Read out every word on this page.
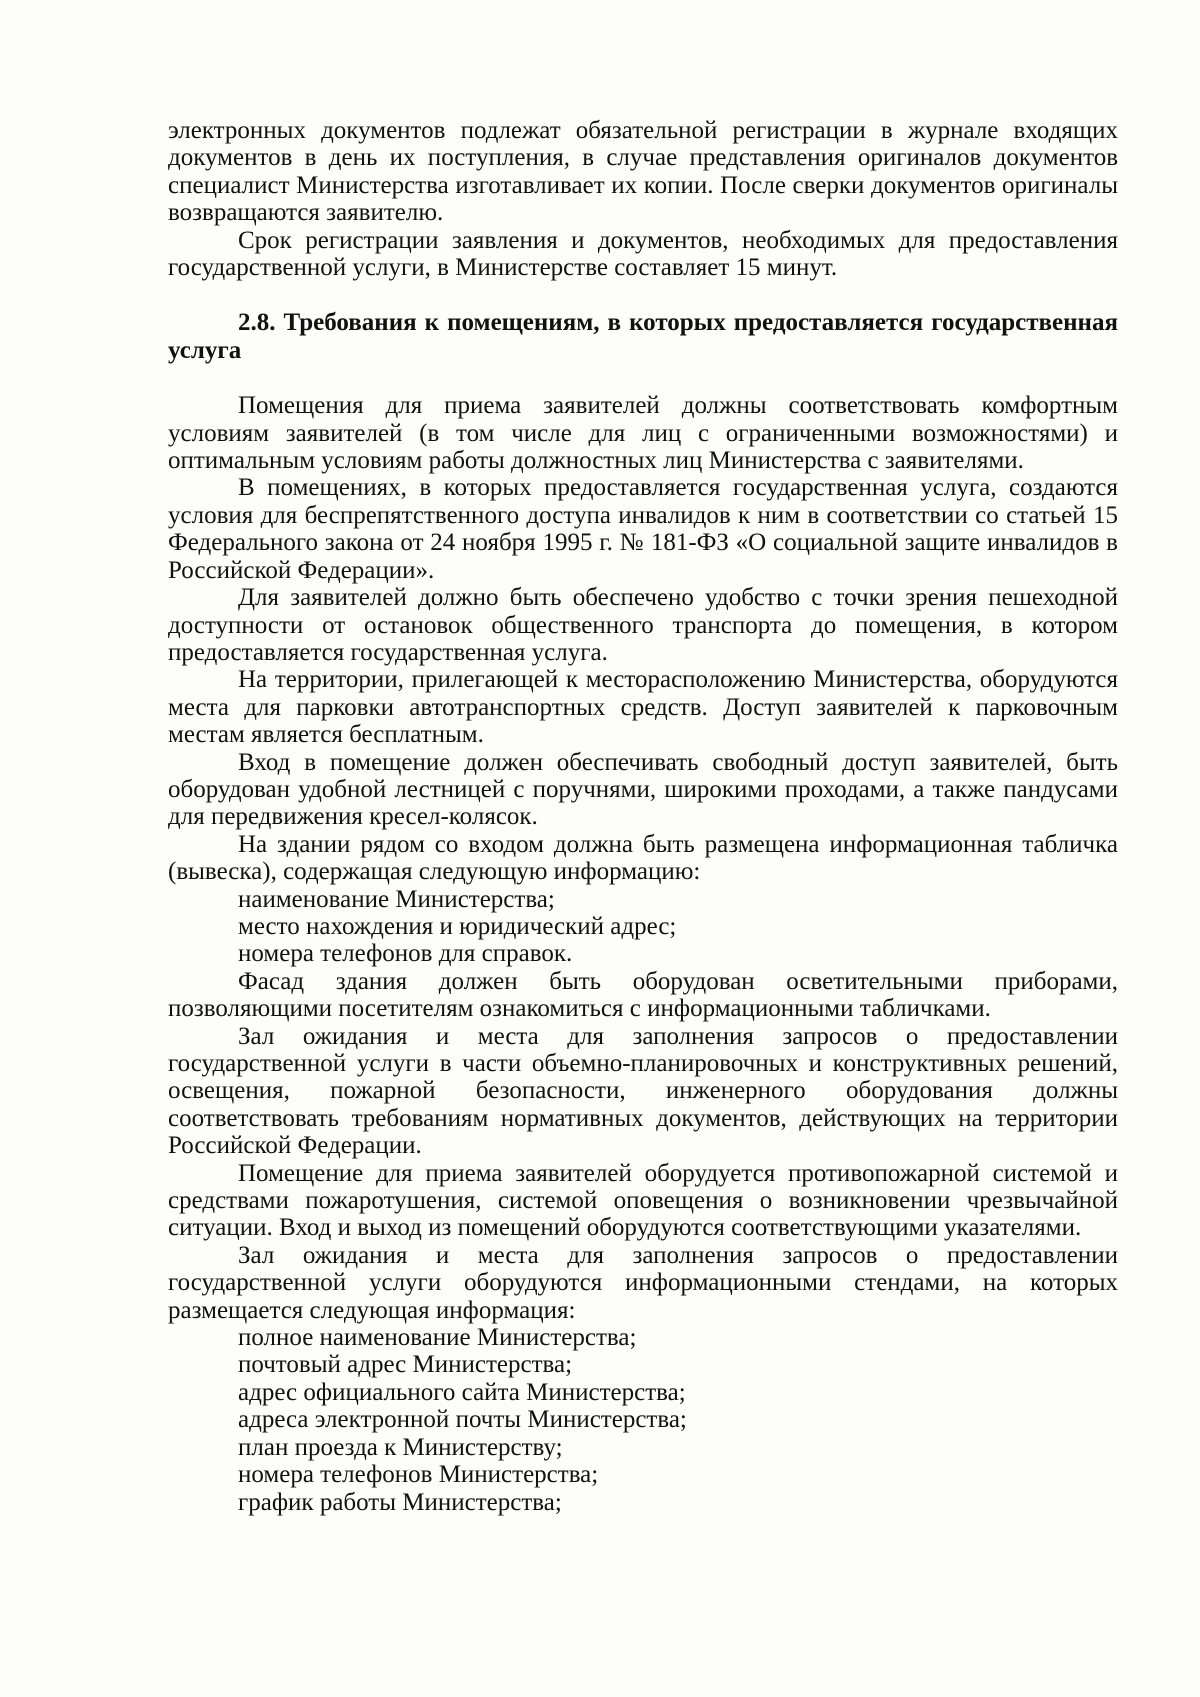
электронных документов подлежат обязательной регистрации в журнале входящих документов в день их поступления, в случае представления оригиналов документов специалист Министерства изготавливает их копии. После сверки документов оригиналы возвращаются заявителю.

Срок регистрации заявления и документов, необходимых для предоставления государственной услуги, в Министерстве составляет 15 минут.

2.8. Требования к помещениям, в которых предоставляется государственная услуга

Помещения для приема заявителей должны соответствовать комфортным условиям заявителей (в том числе для лиц с ограниченными возможностями) и оптимальным условиям работы должностных лиц Министерства с заявителями.

В помещениях, в которых предоставляется государственная услуга, создаются условия для беспрепятственного доступа инвалидов к ним в соответствии со статьей 15 Федерального закона от 24 ноября 1995 г. № 181-ФЗ «О социальной защите инвалидов в Российской Федерации».

Для заявителей должно быть обеспечено удобство с точки зрения пешеходной доступности от остановок общественного транспорта до помещения, в котором предоставляется государственная услуга.

На территории, прилегающей к месторасположению Министерства, оборудуются места для парковки автотранспортных средств. Доступ заявителей к парковочным местам является бесплатным.

Вход в помещение должен обеспечивать свободный доступ заявителей, быть оборудован удобной лестницей с поручнями, широкими проходами, а также пандусами для передвижения кресел-колясок.

На здании рядом со входом должна быть размещена информационная табличка (вывеска), содержащая следующую информацию:

наименование Министерства;

место нахождения и юридический адрес;

номера телефонов для справок.

Фасад здания должен быть оборудован осветительными приборами, позволяющими посетителям ознакомиться с информационными табличками.

Зал ожидания и места для заполнения запросов о предоставлении государственной услуги в части объемно-планировочных и конструктивных решений, освещения, пожарной безопасности, инженерного оборудования должны соответствовать требованиям нормативных документов, действующих на территории Российской Федерации.

Помещение для приема заявителей оборудуется противопожарной системой и средствами пожаротушения, системой оповещения о возникновении чрезвычайной ситуации. Вход и выход из помещений оборудуются соответствующими указателями.

Зал ожидания и места для заполнения запросов о предоставлении государственной услуги оборудуются информационными стендами, на которых размещается следующая информация:

полное наименование Министерства;

почтовый адрес Министерства;

адрес официального сайта Министерства;

адреса электронной почты Министерства;

план проезда к Министерству;

номера телефонов Министерства;

график работы Министерства;
